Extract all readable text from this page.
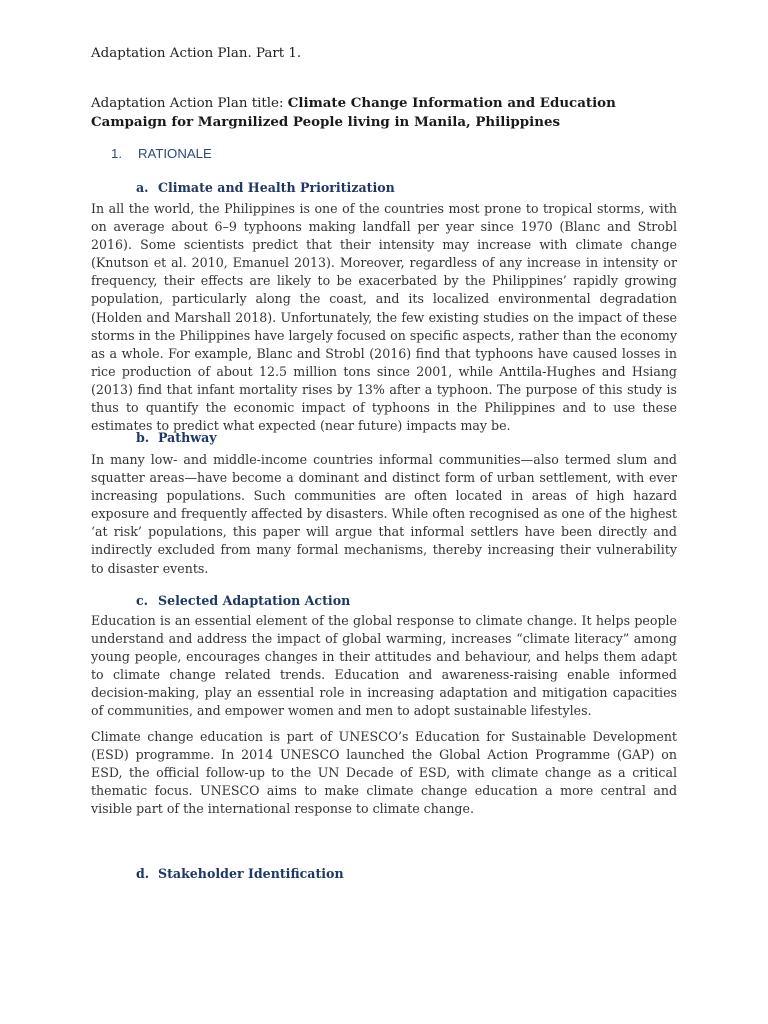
Adaptation Action Plan. Part 1.

Adaptation Action Plan title: Climate Change Information and Education Campaign for Margnilized People living in Manila, Philippines

1. RATIONALE
a. Climate and Health Prioritization

In all the world, the Philippines is one of the countries most prone to tropical storms, with on average about 6–9 typhoons making landfall per year since 1970 (Blanc and Strobl 2016). Some scientists predict that their intensity may increase with climate change (Knutson et al. 2010, Emanuel 2013). Moreover, regardless of any increase in intensity or frequency, their effects are likely to be exacerbated by the Philippines’ rapidly growing population, particularly along the coast, and its localized environmental degradation (Holden and Marshall 2018). Unfortunately, the few existing studies on the impact of these storms in the Philippines have largely focused on specific aspects, rather than the economy as a whole. For example, Blanc and Strobl (2016) find that typhoons have caused losses in rice production of about 12.5 million tons since 2001, while Anttila-Hughes and Hsiang (2013) find that infant mortality rises by 13% after a typhoon. The purpose of this study is thus to quantify the economic impact of typhoons in the Philippines and to use these estimates to predict what expected (near future) impacts may be.

b. Pathway

In many low- and middle-income countries informal communities—also termed slum and squatter areas—have become a dominant and distinct form of urban settlement, with ever increasing populations. Such communities are often located in areas of high hazard exposure and frequently affected by disasters. While often recognised as one of the highest ‘at risk’ populations, this paper will argue that informal settlers have been directly and indirectly excluded from many formal mechanisms, thereby increasing their vulnerability to disaster events.

c. Selected Adaptation Action

Education is an essential element of the global response to climate change. It helps people understand and address the impact of global warming, increases “climate literacy” among young people, encourages changes in their attitudes and behaviour, and helps them adapt to climate change related trends. Education and awareness-raising enable informed decision-making, play an essential role in increasing adaptation and mitigation capacities of communities, and empower women and men to adopt sustainable lifestyles.

Climate change education is part of UNESCO’s Education for Sustainable Development (ESD) programme. In 2014 UNESCO launched the Global Action Programme (GAP) on ESD, the official follow-up to the UN Decade of ESD, with climate change as a critical thematic focus. UNESCO aims to make climate change education a more central and visible part of the international response to climate change.

d. Stakeholder Identification
